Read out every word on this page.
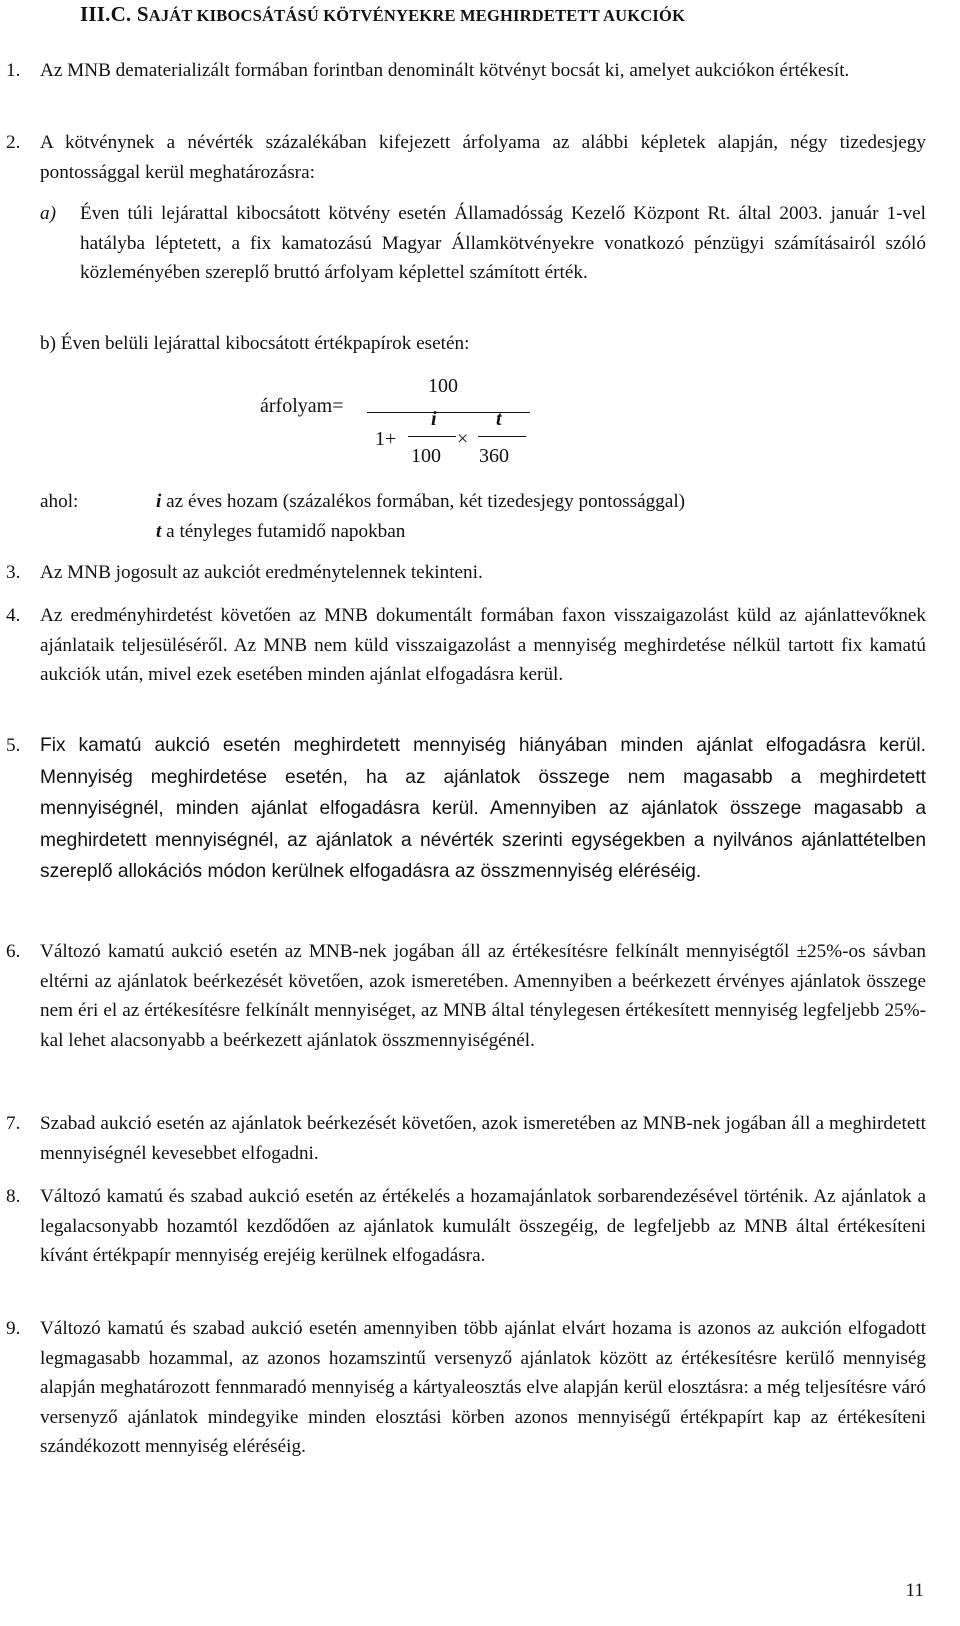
III.C. SAJÁT KIBOCSÁTÁSÚ KÖTVÉNYEKRE MEGHIRDETETT AUKCIÓK
1. Az MNB dematerializált formában forintban denominált kötvényt bocsát ki, amelyet aukciókon értékesít.
2. A kötvénynek a névérték százalékában kifejezett árfolyama az alábbi képletek alapján, négy tizedesjegy pontossággal kerül meghatározásra:
a) Éven túli lejárattal kibocsátott kötvény esetén Államadósság Kezelő Központ Rt. által 2003. január 1-vel hatályba léptetett, a fix kamatozású Magyar Államkötvényekre vonatkozó pénzügyi számításairól szóló közleményében szereplő bruttó árfolyam képlettel számított érték.
b) Éven belüli lejárattal kibocsátott értékpapírok esetén:
árfolyam=
100
1+
i
100
×
t
360
ahol:	i az éves hozam (százalékos formában, két tizedesjegy pontossággal)
t a tényleges futamidő napokban
3. Az MNB jogosult az aukciót eredménytelennek tekinteni.
4. Az eredményhirdetést követően az MNB dokumentált formában faxon visszaigazolást küld az ajánlattevőknek ajánlataik teljesüléséről. Az MNB nem küld visszaigazolást a mennyiség meghirdetése nélkül tartott fix kamatú aukciók után, mivel ezek esetében minden ajánlat elfogadásra kerül.
5. Fix kamatú aukció esetén meghirdetett mennyiség hiányában minden ajánlat elfogadásra kerül. Mennyiség meghirdetése esetén, ha az ajánlatok összege nem magasabb a meghirdetett mennyiségnél, minden ajánlat elfogadásra kerül. Amennyiben az ajánlatok összege magasabb a meghirdetett mennyiségnél, az ajánlatok a névérték szerinti egységekben a nyilvános ajánlattételben szereplő allokációs módon kerülnek elfogadásra az összmennyiség eléréséig.
6. Változó kamatú aukció esetén az MNB-nek jogában áll az értékesítésre felkínált mennyiségtől ±25%-os sávban eltérni az ajánlatok beérkezését követően, azok ismeretében. Amennyiben a beérkezett érvényes ajánlatok összege nem éri el az értékesítésre felkínált mennyiséget, az MNB által ténylegesen értékesített mennyiség legfeljebb 25%-kal lehet alacsonyabb a beérkezett ajánlatok összmennyiségénél.
7. Szabad aukció esetén az ajánlatok beérkezését követően, azok ismeretében az MNB-nek jogában áll a meghirdetett mennyiségnél kevesebbet elfogadni.
8. Változó kamatú és szabad aukció esetén az értékelés a hozamajánlatok sorbarendezésével történik. Az ajánlatok a legalacsonyabb hozamtól kezdődően az ajánlatok kumulált összegéig, de legfeljebb az MNB által értékesíteni kívánt értékpapír mennyiség erejéig kerülnek elfogadásra.
9. Változó kamatú és szabad aukció esetén amennyiben több ajánlat elvárt hozama is azonos az aukción elfogadott legmagasabb hozammal, az azonos hozamszintű versenyző ajánlatok között az értékesítésre kerülő mennyiség alapján meghatározott fennmaradó mennyiség a kártyaleosztás elve alapján kerül elosztásra: a még teljesítésre váró versenyző ajánlatok mindegyike minden elosztási körben azonos mennyiségű értékpapírt kap az értékesíteni szándékozott mennyiség eléréséig.
11
